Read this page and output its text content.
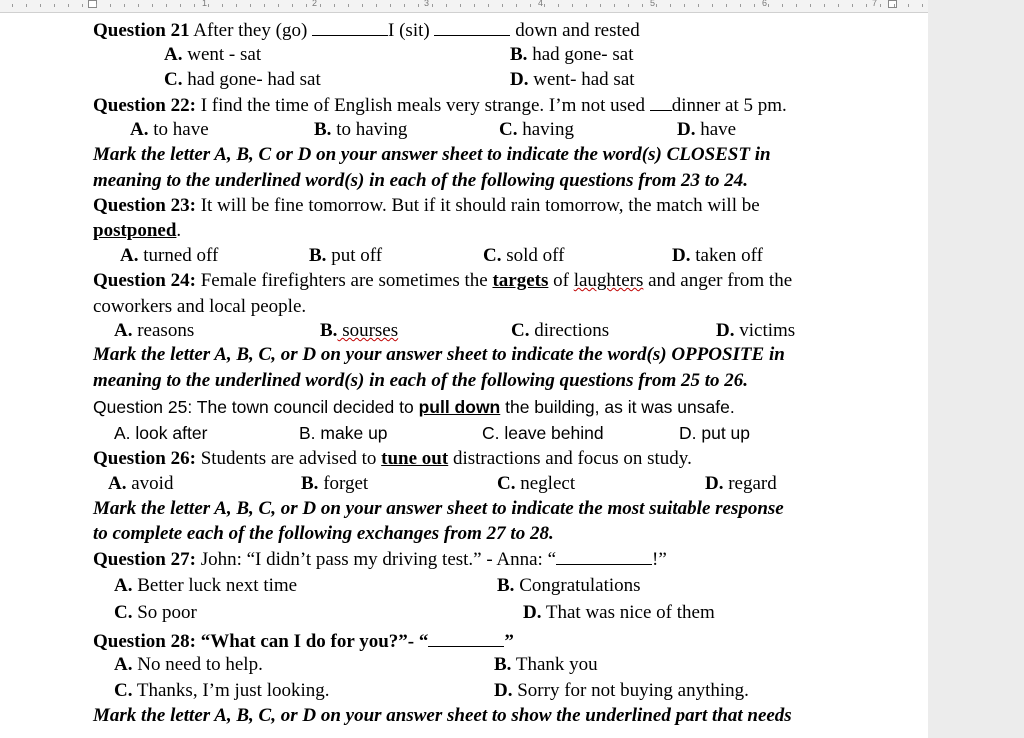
1	2	3	4	5	6	7
Question 21 After they (go)	I (sit)	down and rested
A. went - sat	B. had gone- sat
C. had gone- had sat	D. went- had sat
Question 22: I find the time of English meals very strange. I’m not used dinner at 5 pm.
A. to have	B. to having	C. having	D. have
Mark the letter A, B, C or D on your answer sheet to indicate the word(s) CLOSEST in
meaning to the underlined word(s) in each of the following questions from 23 to 24.
Question 23: It will be fine tomorrow. But if it should rain tomorrow, the match will be
postponed.
A. turned off	B. put off	C. sold off	D. taken off
Question 24: Female firefighters are sometimes the targets of laughters and anger from the
coworkers and local people.
A. reasons	B. sourses	C. directions	D. victims
Mark the letter A, B, C, or D on your answer sheet to indicate the word(s) OPPOSITE in
meaning to the underlined word(s) in each of the following questions from 25 to 26.
Question 25: The town council decided to pull down the building, as it was unsafe.
A. look after	B. make up	C. leave behind	D. put up
Question 26: Students are advised to tune out distractions and focus on study.
A. avoid	B. forget	C. neglect	D. regard
Mark the letter A, B, C, or D on your answer sheet to indicate the most suitable response
to complete each of the following exchanges from 27 to 28.
Question 27: John: “I didn’t pass my driving test.” - Anna: “	!”
A. Better luck next time	B. Congratulations
C. So poor	D. That was nice of them
Question 28: “What can I do for you?”- “	”
A. No need to help.	B. Thank you
C. Thanks, I’m just looking.	D. Sorry for not buying anything.
Mark the letter A, B, C, or D on your answer sheet to show the underlined part that needs
